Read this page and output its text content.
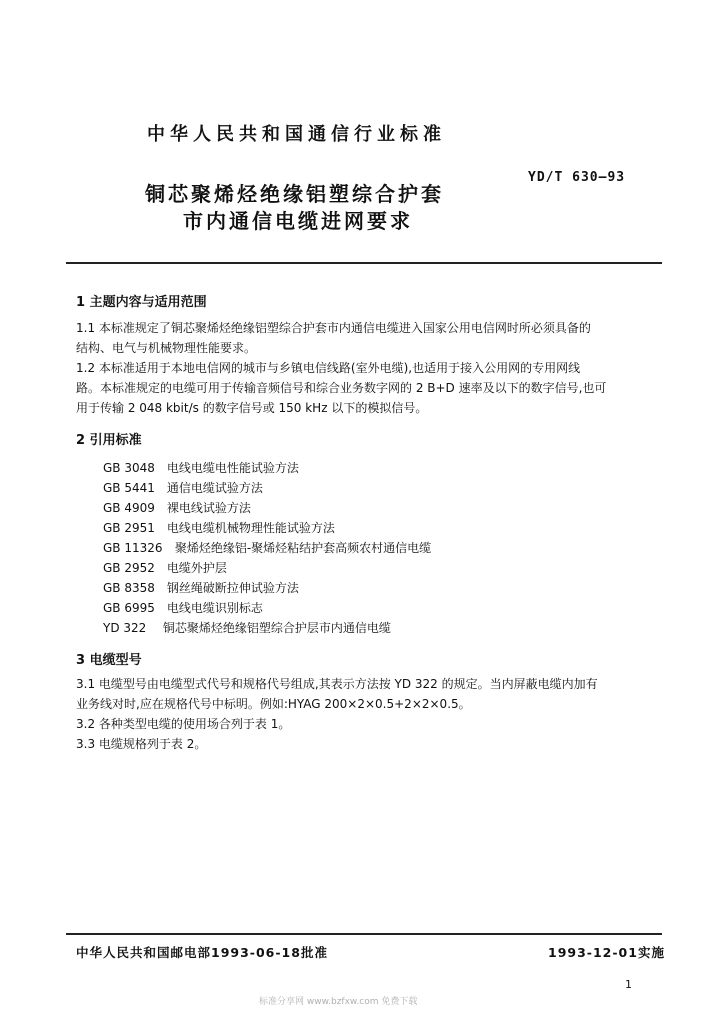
中华人民共和国通信行业标准
YD/T 630—93
铜芯聚烯烃绝缘铝塑综合护套
市内通信电缆进网要求
1 主题内容与适用范围
1.1 本标准规定了铜芯聚烯烃绝缘铝塑综合护套市内通信电缆进入国家公用电信网时所必须具备的
结构、电气与机械物理性能要求。
1.2 本标准适用于本地电信网的城市与乡镇电信线路(室外电缆),也适用于接入公用网的专用网线
路。本标准规定的电缆可用于传输音频信号和综合业务数字网的 2 B+D 速率及以下的数字信号,也可
用于传输 2 048 kbit/s 的数字信号或 150 kHz 以下的模拟信号。
2 引用标准
GB 3048 电线电缆电性能试验方法
GB 5441 通信电缆试验方法
GB 4909 裸电线试验方法
GB 2951 电线电缆机械物理性能试验方法
GB 11326 聚烯烃绝缘铝-聚烯烃粘结护套高频农村通信电缆
GB 2952 电缆外护层
GB 8358 钢丝绳破断拉伸试验方法
GB 6995 电线电缆识别标志
YD 322 铜芯聚烯烃绝缘铝塑综合护层市内通信电缆
3 电缆型号
3.1 电缆型号由电缆型式代号和规格代号组成,其表示方法按 YD 322 的规定。当内屏蔽电缆内加有
业务线对时,应在规格代号中标明。例如:HYAG 200×2×0.5+2×2×0.5。
3.2 各种类型电缆的使用场合列于表 1。
3.3 电缆规格列于表 2。
中华人民共和国邮电部1993-06-18批准	1993-12-01实施
1
标准分享网 www.bzfxw.com 免费下载
